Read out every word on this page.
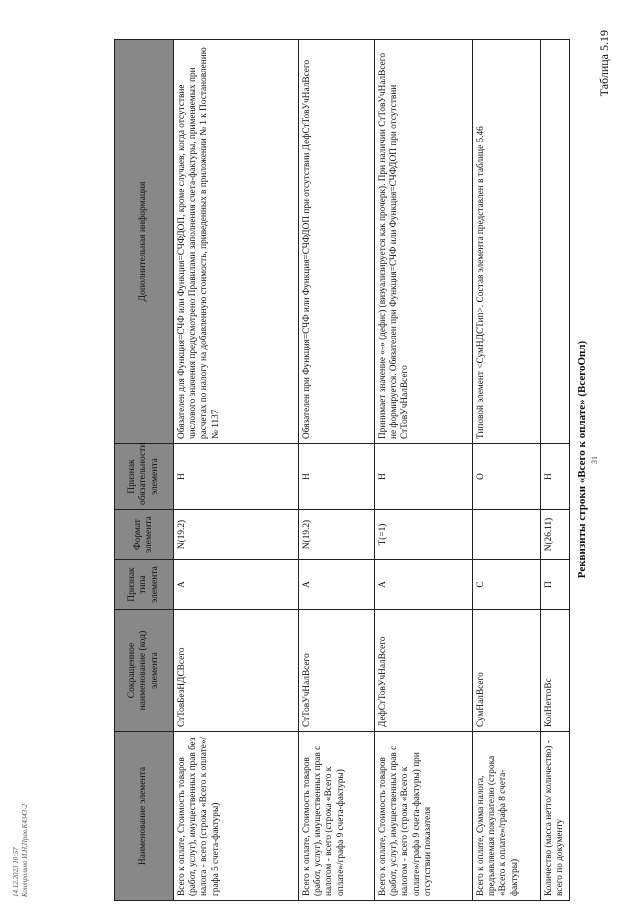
31
Таблица 5.19
Реквизиты строки «Всего к оплате» (ВсегоОпл)
Наименование элемента	Сокращенное наименование (код) элемента	Признак типа элемента	Формат элемента	Признак обязательности элемента	Дополнительная информация
Всего к оплате, Стоимость товаров (работ, услуг), имущественных прав без налога - всего (строка «Всего к оплате»/графа 5 счета-фактуры)	СтТовБезНДСВсего	А	N(19.2)	Н	Обязателен для Функция=СЧФ или Функция=СЧФДОП, кроме случаев, когда отсутствие числового значения предусмотрено Правилами заполнения счета-фактуры, применяемых при расчетах по налогу на добавленную стоимость, приведенных в приложении № 1 к Постановлению № 1137
Всего к оплате, Стоимость товаров (работ, услуг), имущественных прав с налогом - всего (строка «Всего к оплате»/графа 9 счета-фактуры)	СтТовУчНалВсего	А	N(19.2)	Н	Обязателен при Функция=СЧФ или Функция=СЧФДОП при отсутствии ДефСтТовУчНалВсего
Всего к оплате, Стоимость товаров (работ, услуг), имущественных прав с налогом - всего (строка «Всего к оплате»/графа 9 счета-фактуры) при отсутствии показателя	ДефСтТовУчНалВсего	А	T(=1)	Н	Принимает значение «-» (дефис) (визуализируется как прочерк). При наличии СтТовУчНалВсего не формируется. Обязателен при Функция=СЧФ или Функция=СЧФДОП при отсутствии СтТовУчНалВсего
Всего к оплате, Сумма налога, предъявляемая покупателю (строка «Всего к оплате»/графа 8 счета-фактуры)	СумНалВсего	С		О	Типовой элемент <СумНДСТип>. Состав элемента представлен в таблице 5.46
Количество (масса нетто/ количество) - всего по документу	КолНеттоВс	П	N(26.11)	Н	
14.12.2023 10:57 Контрольно И.Н.Прав.К4343-2
